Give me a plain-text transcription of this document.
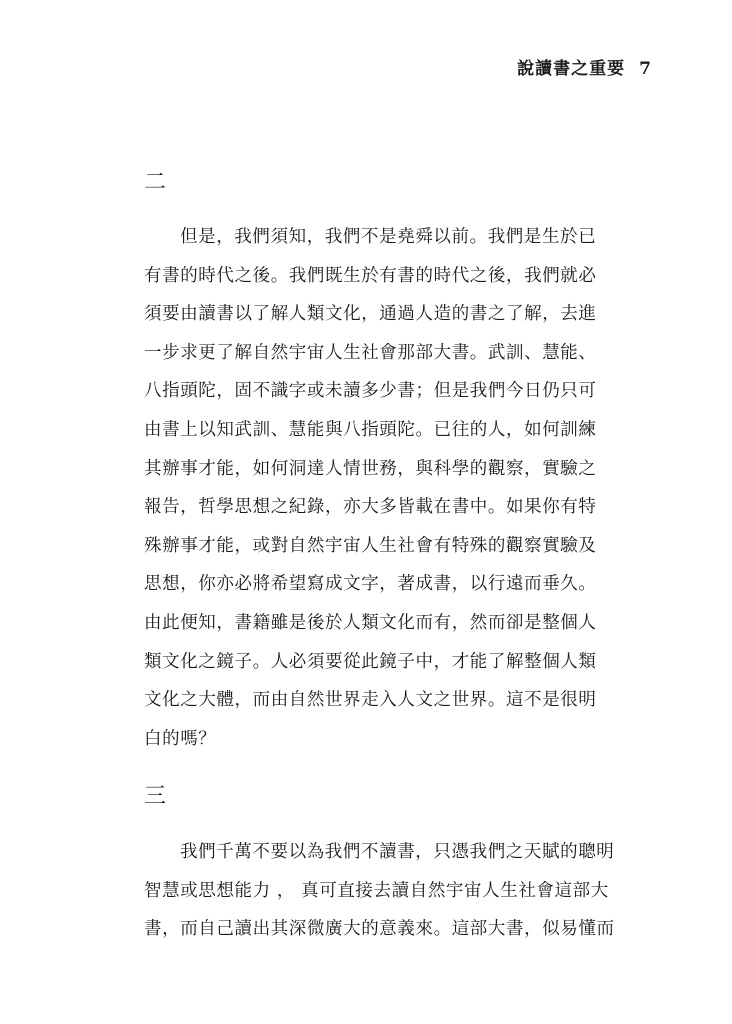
說讀書之重要 7
二
但是，我們須知，我們不是堯舜以前。我們是生於已
有書的時代之後。我們既生於有書的時代之後，我們就必
須要由讀書以了解人類文化，通過人造的書之了解，去進
一步求更了解自然宇宙人生社會那部大書。武訓、慧能、
八指頭陀，固不識字或未讀多少書；但是我們今日仍只可
由書上以知武訓、慧能與八指頭陀。已往的人，如何訓練
其辦事才能，如何洞達人情世務，與科學的觀察，實驗之
報告，哲學思想之紀錄，亦大多皆載在書中。如果你有特
殊辦事才能，或對自然宇宙人生社會有特殊的觀察實驗及
思想，你亦必將希望寫成文字，著成書，以行遠而垂久。
由此便知，書籍雖是後於人類文化而有，然而卻是整個人
類文化之鏡子。人必須要從此鏡子中，才能了解整個人類
文化之大體，而由自然世界走入人文之世界。這不是很明
白的嗎？
三
我們千萬不要以為我們不讀書，只憑我們之天賦的聰明
智慧或思想能力 ， 真可直接去讀自然宇宙人生社會這部大
書，而自己讀出其深微廣大的意義來。這部大書，似易懂而
